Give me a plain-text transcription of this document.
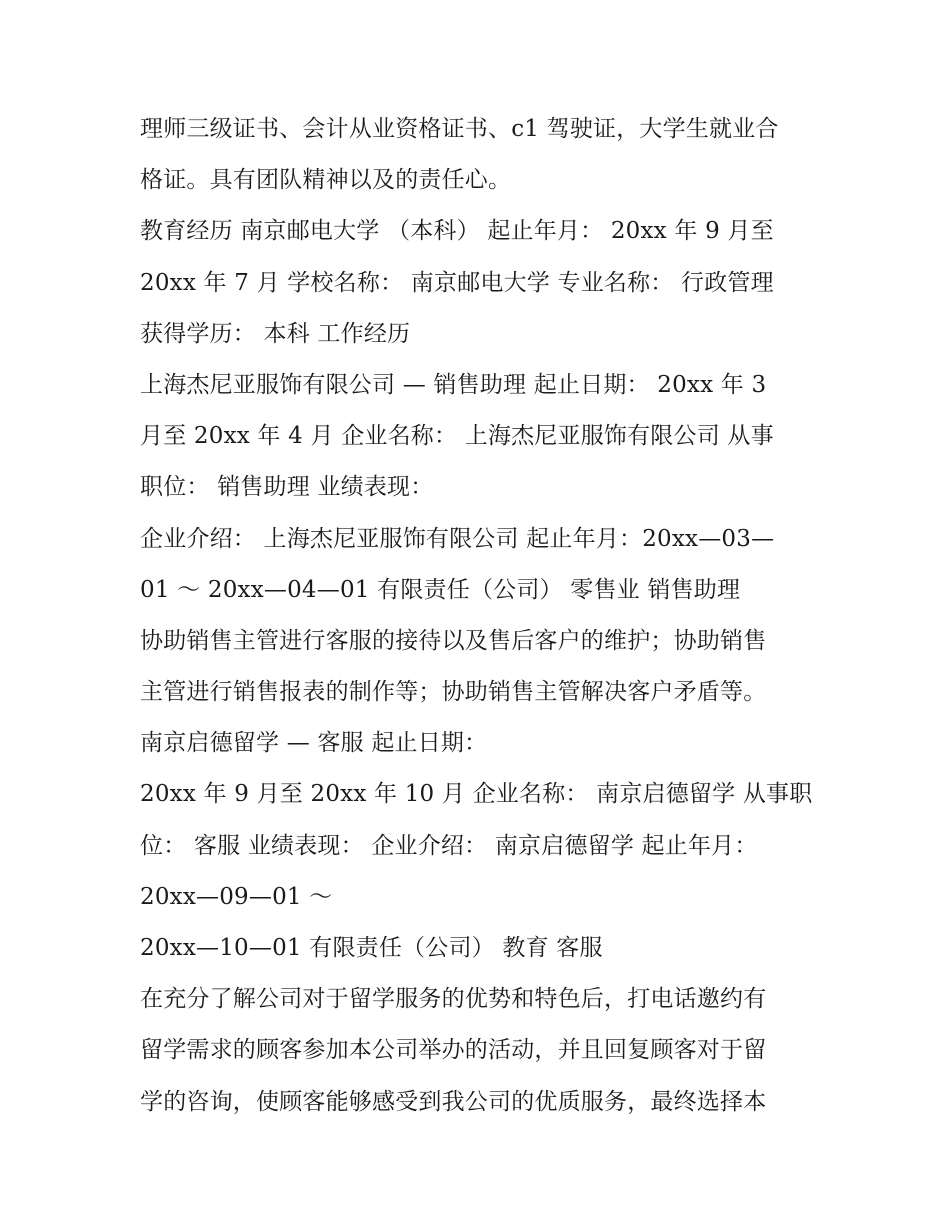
理师三级证书、会计从业资格证书、c1 驾驶证，大学生就业合
格证。具有团队精神以及的责任心。
教育经历 南京邮电大学 （本科） 起止年月： 20xx 年 9 月至
20xx 年 7 月 学校名称： 南京邮电大学 专业名称： 行政管理
获得学历： 本科 工作经历
上海杰尼亚服饰有限公司 — 销售助理 起止日期： 20xx 年 3
月至 20xx 年 4 月 企业名称： 上海杰尼亚服饰有限公司 从事
职位： 销售助理 业绩表现：
企业介绍： 上海杰尼亚服饰有限公司 起止年月：20xx—03—
01 ～ 20xx—04—01 有限责任（公司） 零售业 销售助理
协助销售主管进行客服的接待以及售后客户的维护；协助销售
主管进行销售报表的制作等；协助销售主管解决客户矛盾等。
南京启德留学 — 客服 起止日期：
20xx 年 9 月至 20xx 年 10 月 企业名称： 南京启德留学 从事职
位： 客服 业绩表现： 企业介绍： 南京启德留学 起止年月：
20xx—09—01 ～
20xx—10—01 有限责任（公司） 教育 客服
在充分了解公司对于留学服务的优势和特色后，打电话邀约有
留学需求的顾客参加本公司举办的活动，并且回复顾客对于留
学的咨询，使顾客能够感受到我公司的优质服务，最终选择本
